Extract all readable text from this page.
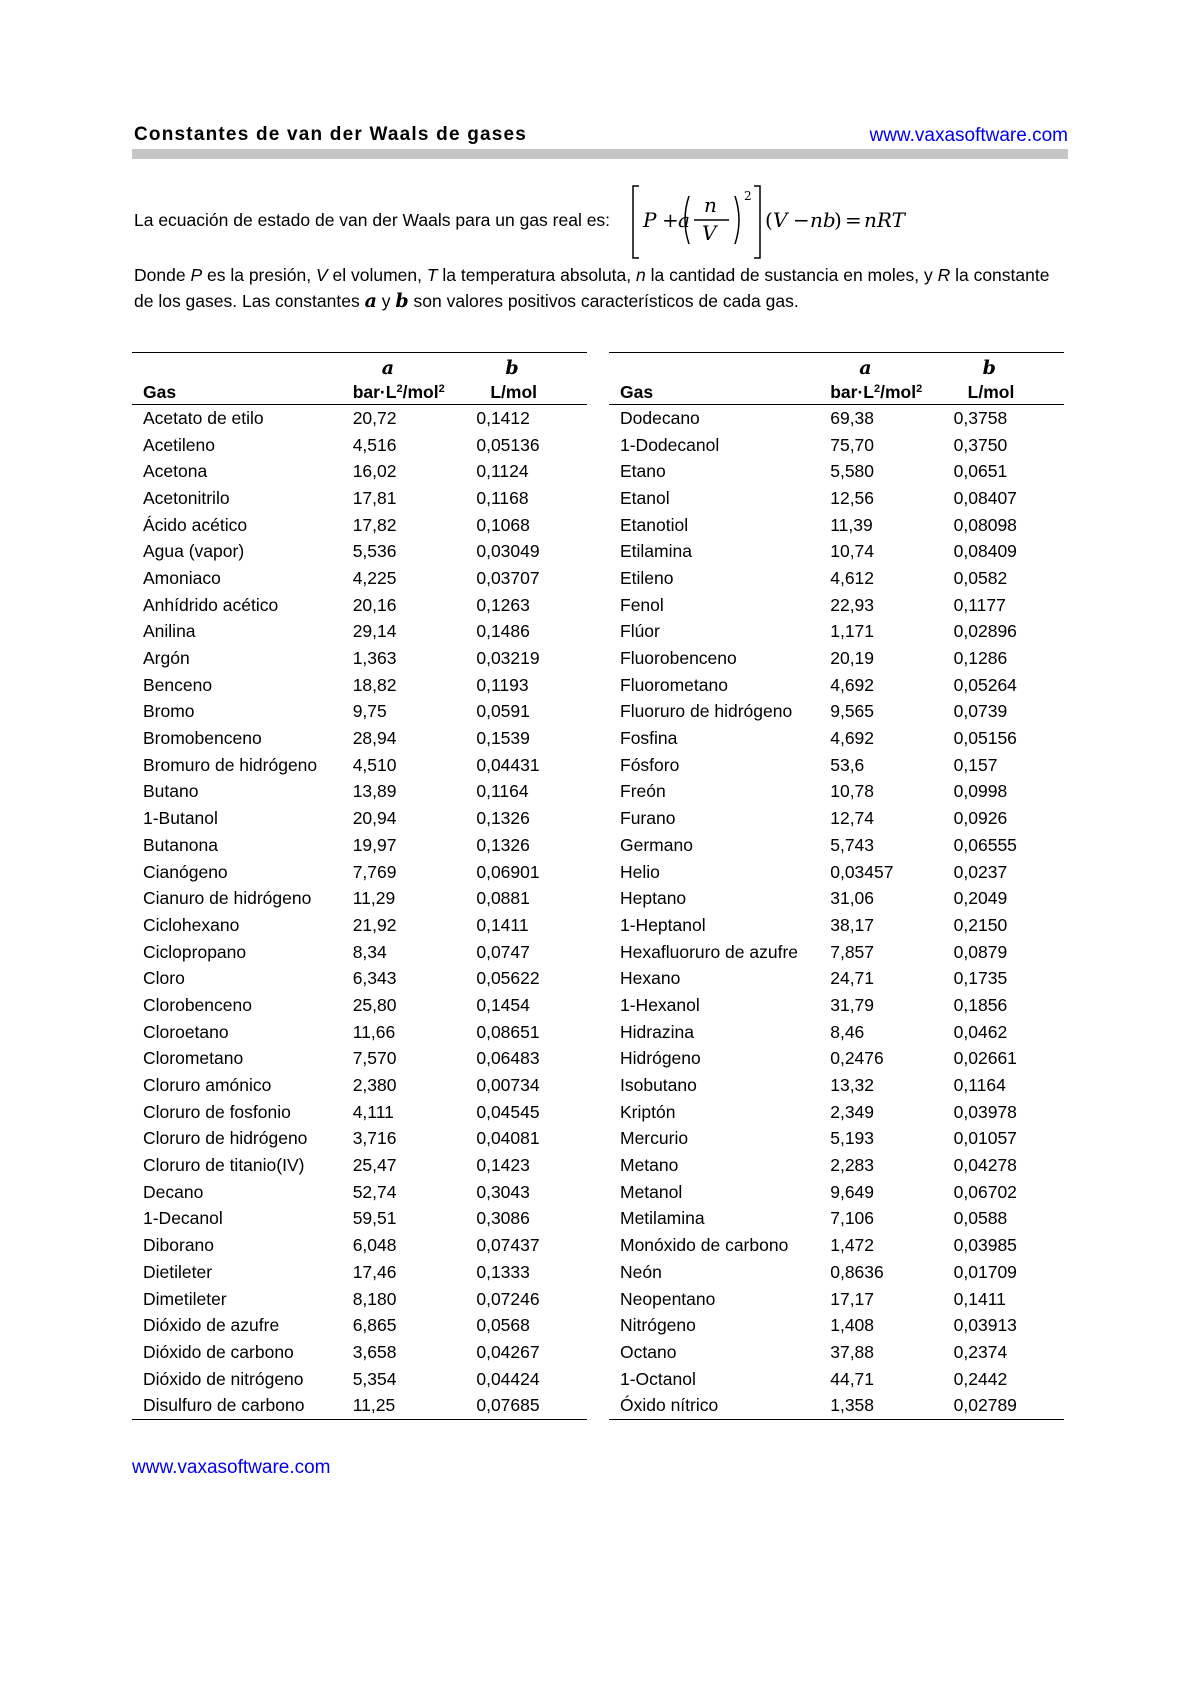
Constantes de van der Waals de gases	www.vaxasoftware.com
La ecuación de estado de van der Waals para un gas real es: P + a
n
V
2
( V − nb
) = nRT
Donde P es la presión, V el volumen, T la temperatura absoluta, n la cantidad de sustancia en moles, y R la constante de los gases. Las constantes a y b son valores positivos característicos de cada gas.
	a	b
Gas	$bar\cdot L^2/mol^2$	L/mol
Acetato de etilo	20,72	0,1412
Acetileno	4,516	0,05136
Acetona	16,02	0,1124
Acetonitrilo	17,81	0,1168
Ácido acético	17,82	0,1068
Agua (vapor)	5,536	0,03049
Amoniaco	4,225	0,03707
Anhídrido acético	20,16	0,1263
Anilina	29,14	0,1486
Argón	1,363	0,03219
Benceno	18,82	0,1193
Bromo	9,75	0,0591
Bromobenceno	28,94	0,1539
Bromuro de hidrógeno	4,510	0,04431
Butano	13,89	0,1164
1-Butanol	20,94	0,1326
Butanona	19,97	0,1326
Cianógeno	7,769	0,06901
Cianuro de hidrógeno	11,29	0,0881
Ciclohexano	21,92	0,1411
Ciclopropano	8,34	0,0747
Cloro	6,343	0,05622
Clorobenceno	25,80	0,1454
Cloroetano	11,66	0,08651
Clorometano	7,570	0,06483
Cloruro amónico	2,380	0,00734
Cloruro de fosfonio	4,111	0,04545
Cloruro de hidrógeno	3,716	0,04081
Cloruro de titanio(IV)	25,47	0,1423
Decano	52,74	0,3043
1-Decanol	59,51	0,3086
Diborano	6,048	0,07437
Dietileter	17,46	0,1333
Dimetileter	8,180	0,07246
Dióxido de azufre	6,865	0,0568
Dióxido de carbono	3,658	0,04267
Dióxido de nitrógeno	5,354	0,04424
Disulfuro de carbono	11,25	0,07685
	a	b
Gas	$bar\cdot L^2/mol^2$	L/mol
Dodecano	69,38	0,3758
1-Dodecanol	75,70	0,3750
Etano	5,580	0,0651
Etanol	12,56	0,08407
Etanotiol	11,39	0,08098
Etilamina	10,74	0,08409
Etileno	4,612	0,0582
Fenol	22,93	0,1177
Flúor	1,171	0,02896
Fluorobenceno	20,19	0,1286
Fluorometano	4,692	0,05264
Fluoruro de hidrógeno	9,565	0,0739
Fosfina	4,692	0,05156
Fósforo	53,6	0,157
Freón	10,78	0,0998
Furano	12,74	0,0926
Germano	5,743	0,06555
Helio	0,03457	0,0237
Heptano	31,06	0,2049
1-Heptanol	38,17	0,2150
Hexafluoruro de azufre	7,857	0,0879
Hexano	24,71	0,1735
1-Hexanol	31,79	0,1856
Hidrazina	8,46	0,0462
Hidrógeno	0,2476	0,02661
Isobutano	13,32	0,1164
Kriptón	2,349	0,03978
Mercurio	5,193	0,01057
Metano	2,283	0,04278
Metanol	9,649	0,06702
Metilamina	7,106	0,0588
Monóxido de carbono	1,472	0,03985
Neón	0,8636	0,01709
Neopentano	17,17	0,1411
Nitrógeno	1,408	0,03913
Octano	37,88	0,2374
1-Octanol	44,71	0,2442
Óxido nítrico	1,358	0,02789
www.vaxasoftware.com
